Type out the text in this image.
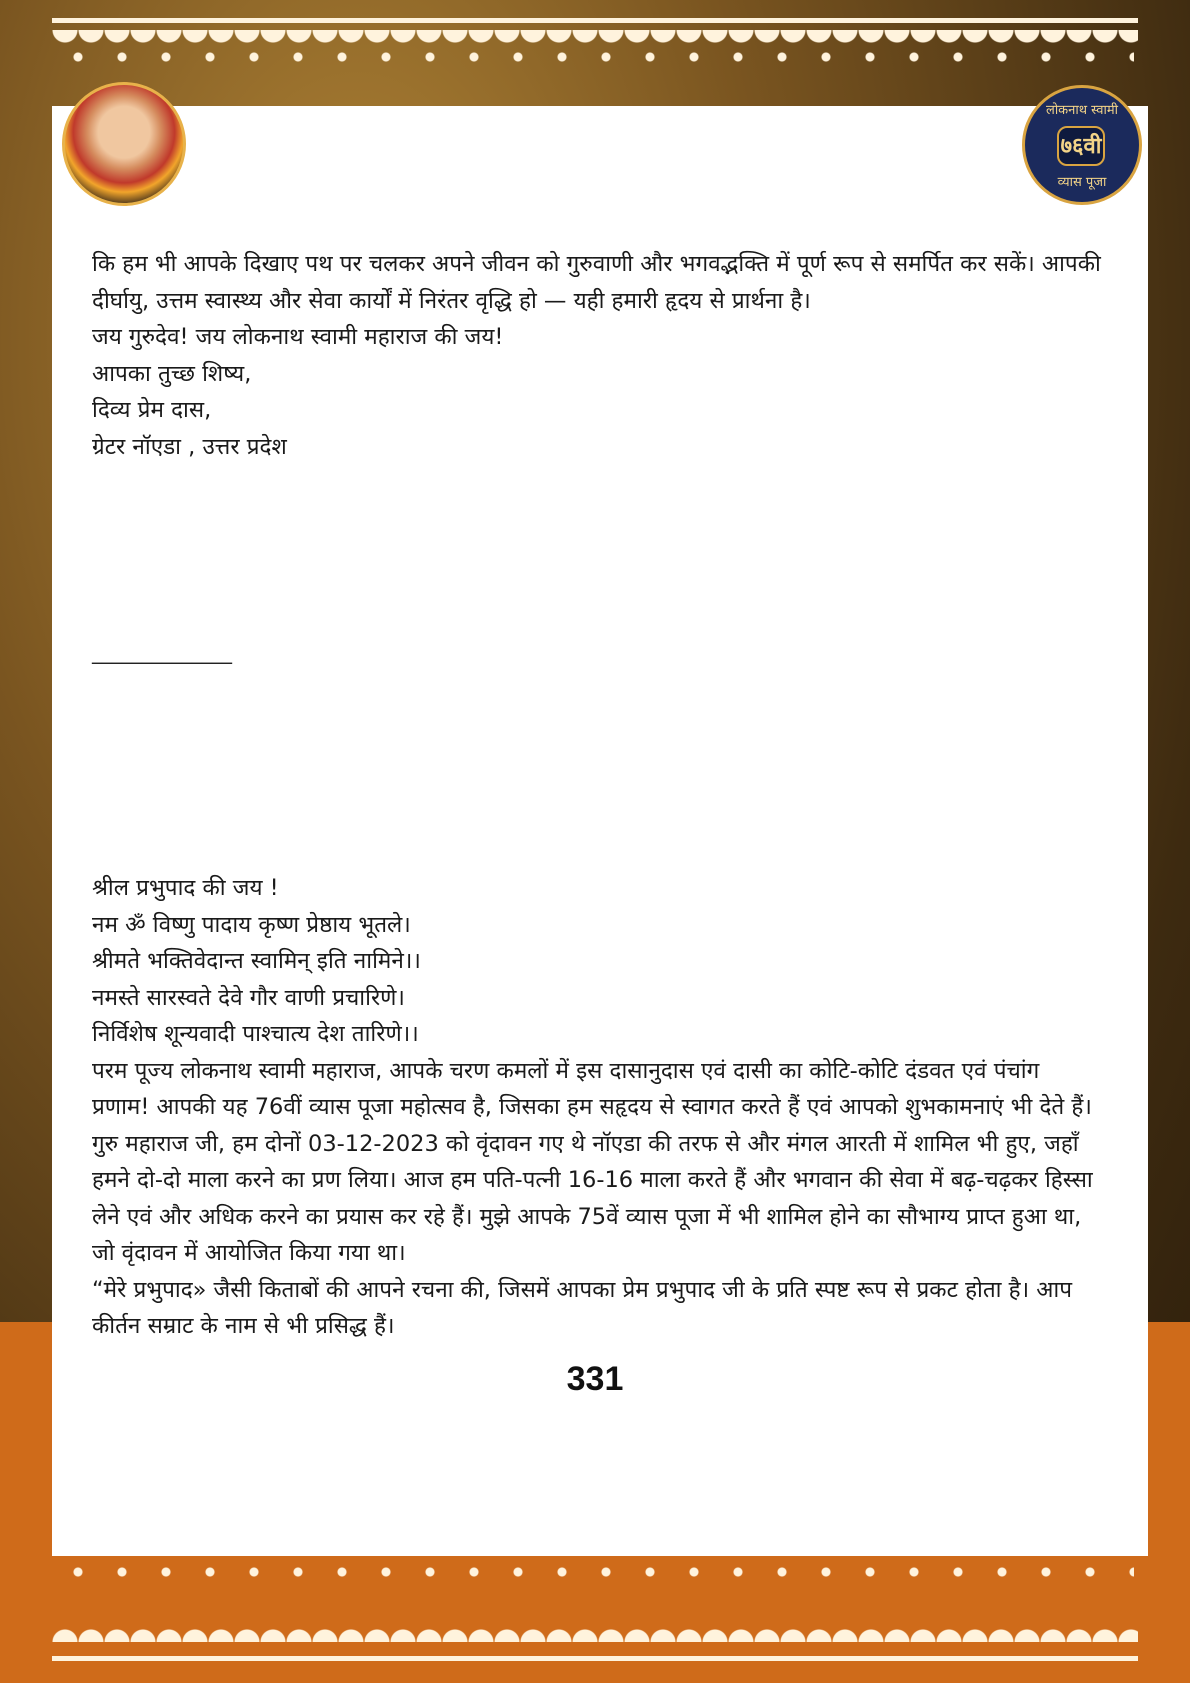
लोकनाथ स्वामी
७६वी
व्यास पूजा

कि हम भी आपके दिखाए पथ पर चलकर अपने जीवन को गुरुवाणी और भगवद्भक्ति में पूर्ण रूप से समर्पित कर सकें। आपकी दीर्घायु, उत्तम स्वास्थ्य और सेवा कार्यों में निरंतर वृद्धि हो — यही हमारी हृदय से प्रार्थना है।

जय गुरुदेव! जय लोकनाथ स्वामी महाराज की जय!

आपका तुच्छ शिष्य,

दिव्य प्रेम दास,

ग्रेटर नॉएडा , उत्तर प्रदेश

______________

श्रील प्रभुपाद की जय !

नम ॐ विष्णु पादाय कृष्ण प्रेष्ठाय भूतले।

श्रीमते भक्तिवेदान्त स्वामिन् इति नामिने।।

नमस्ते सारस्वते देवे गौर वाणी प्रचारिणे।

निर्विशेष शून्यवादी पाश्चात्य देश तारिणे।।

परम पूज्य लोकनाथ स्वामी महाराज, आपके चरण कमलों में इस दासानुदास एवं दासी का कोटि-कोटि दंडवत एवं पंचांग प्रणाम! आपकी यह 76वीं व्यास पूजा महोत्सव है, जिसका हम सहृदय से स्वागत करते हैं एवं आपको शुभकामनाएं भी देते हैं।

गुरु महाराज जी, हम दोनों 03-12-2023 को वृंदावन गए थे नॉएडा की तरफ से और मंगल आरती में शामिल भी हुए, जहाँ हमने दो-दो माला करने का प्रण लिया। आज हम पति-पत्नी 16-16 माला करते हैं और भगवान की सेवा में बढ़-चढ़कर हिस्सा लेने एवं और अधिक करने का प्रयास कर रहे हैं। मुझे आपके 75वें व्यास पूजा में भी शामिल होने का सौभाग्य प्राप्त हुआ था, जो वृंदावन में आयोजित किया गया था।

“मेरे प्रभुपाद» जैसी किताबों की आपने रचना की, जिसमें आपका प्रेम प्रभुपाद जी के प्रति स्पष्ट रूप से प्रकट होता है। आप कीर्तन सम्राट के नाम से भी प्रसिद्ध हैं।

331
